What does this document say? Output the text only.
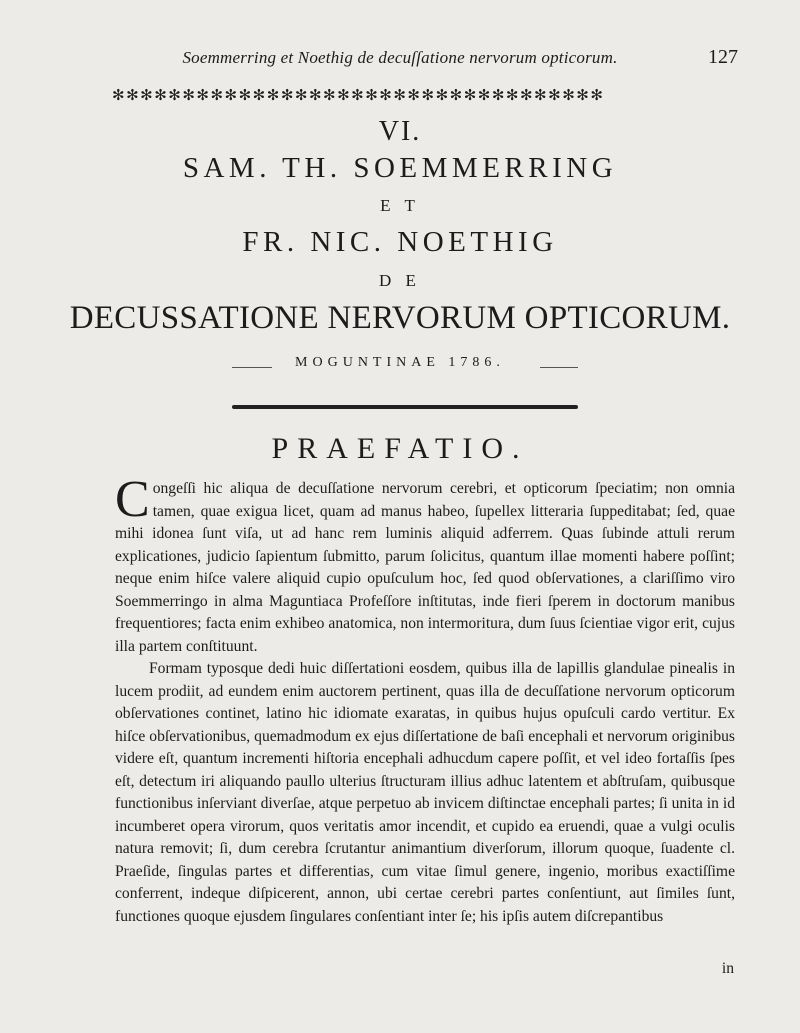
Soemmerring et Noethig de decuſſatione nervorum opticorum.	127
✻✻✻✻✻✻✻✻✻✻✻✻✻✻✻✻✻✻✻✻✻✻✻✻✻✻✻✻✻✻✻✻✻✻✻
VI.
SAM. TH. SOEMMERRING
E T
FR. NIC. NOETHIG
D E
DECUSSATIONE NERVORUM OPTICORUM.
MOGUNTINAE 1786.
PRAEFATIO.

Congeſſi hic aliqua de decuſſatione nervorum cerebri, et opticorum ſpeciatim; non omnia tamen, quae exigua licet, quam ad manus habeo, ſupellex litteraria ſuppeditabat; ſed, quae mihi idonea ſunt viſa, ut ad hanc rem luminis aliquid adferrem. Quas ſubinde attuli rerum explicationes, judicio ſapientum ſubmitto, parum ſolicitus, quantum illae momenti habere poſſint; neque enim hiſce valere aliquid cupio opuſculum hoc, ſed quod obſervationes, a clariſſimo viro Soemmerringo in alma Maguntiaca Profeſſore inſtitutas, inde fieri ſperem in doctorum manibus frequentiores; facta enim exhibeo anatomica, non intermoritura, dum ſuus ſcientiae vigor erit, cujus illa partem conſtituunt.

Formam typosque dedi huic diſſertationi eosdem, quibus illa de lapillis glandulae pinealis in lucem prodiit, ad eundem enim auctorem pertinent, quas illa de decuſſatione nervorum opticorum obſervationes continet, latino hic idiomate exaratas, in quibus hujus opuſculi cardo vertitur. Ex hiſce obſervationibus, quemadmodum ex ejus diſſertatione de baſi encephali et nervorum originibus videre eſt, quantum incrementi hiſtoria encephali adhucdum capere poſſit, et vel ideo fortaſſis ſpes eſt, detectum iri aliquando paullo ulterius ſtructuram illius adhuc latentem et abſtruſam, quibusque functionibus inſerviant diverſae, atque perpetuo ab invicem diſtinctae encephali partes; ſi unita in id incumberet opera virorum, quos veritatis amor incendit, et cupido ea eruendi, quae a vulgi oculis natura removit; ſi, dum cerebra ſcrutantur animantium diverſorum, illorum quoque, ſuadente cl. Praeſide, ſingulas partes et differentias, cum vitae ſimul genere, ingenio, moribus exactiſſime conferrent, indeque diſpicerent, annon, ubi certae cerebri partes conſentiunt, aut ſimiles ſunt, functiones quoque ejusdem ſingulares conſentiant inter ſe; his ipſis autem diſcrepantibus

in
